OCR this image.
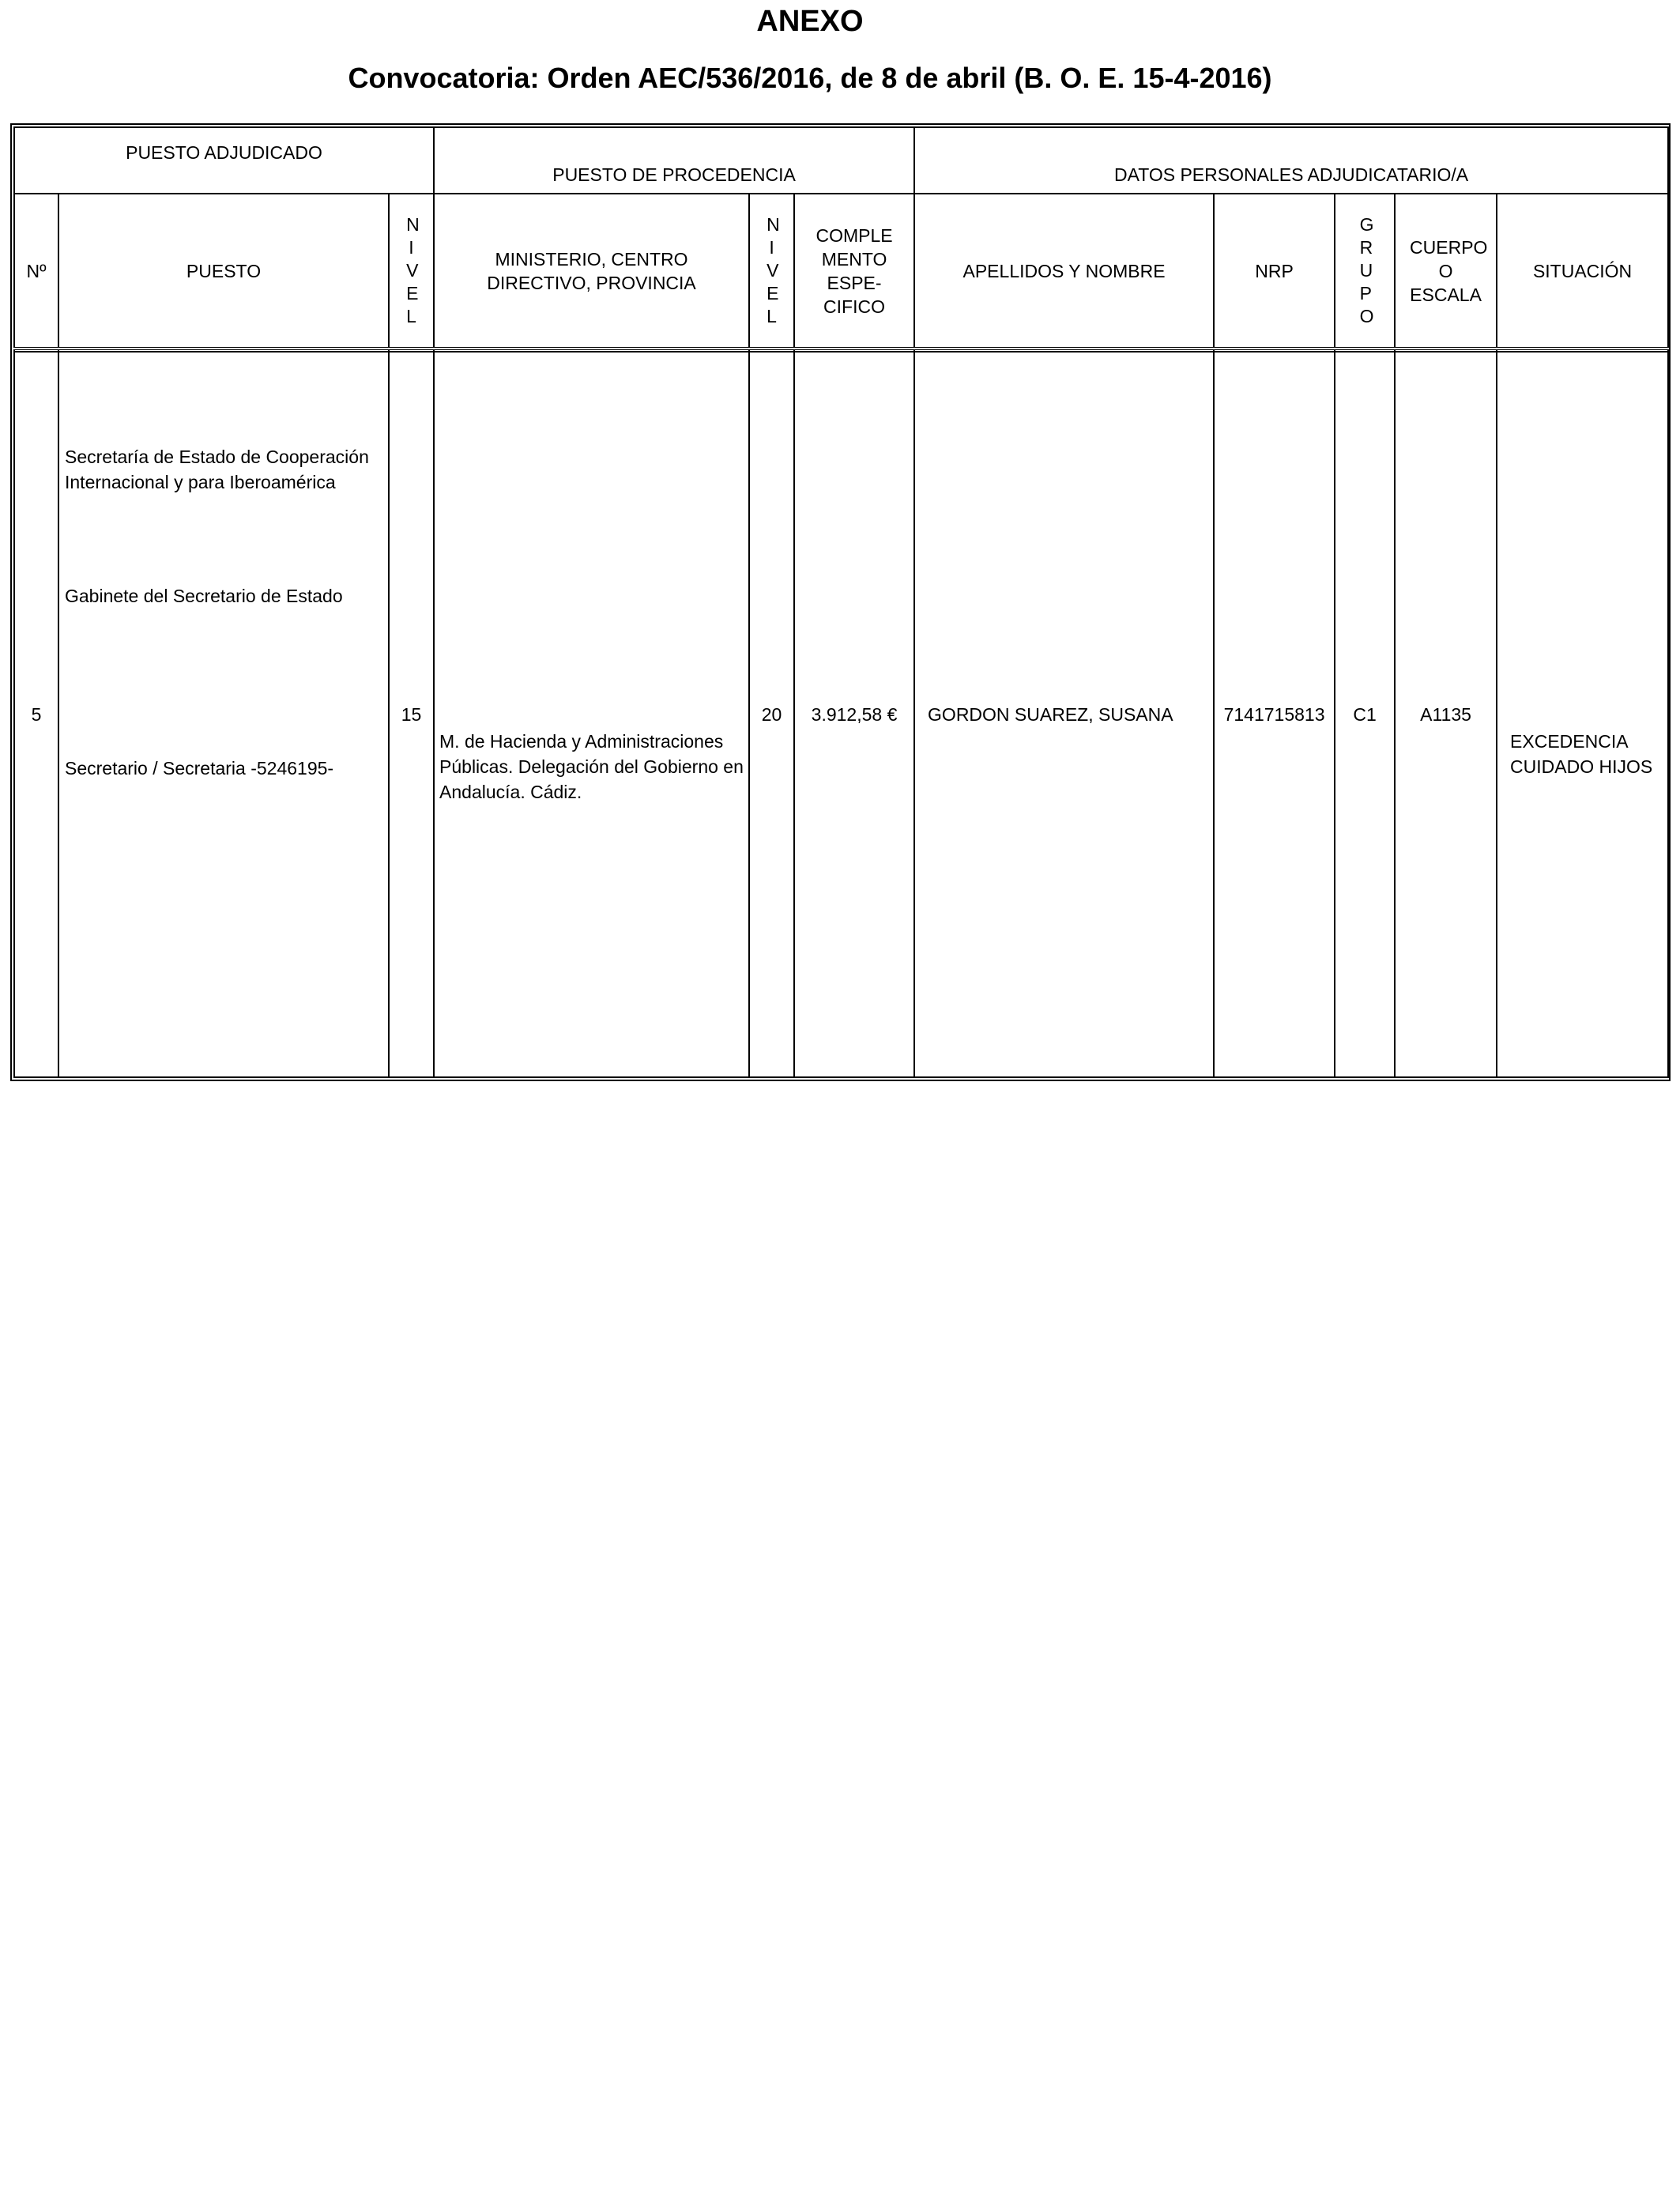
ANEXO
Convocatoria: Orden AEC/536/2016, de 8 de abril (B. O. E. 15-4-2016)
PUESTO ADJUDICADO			PUESTO DE PROCEDENCIA			DATOS PERSONALES ADJUDICATARIO/A				
Nº	PUESTO	NIVEL	MINISTERIO, CENTRO DIRECTIVO, PROVINCIA	NIVEL	COMPLE MENTO ESPE- CIFICO	APELLIDOS Y NOMBRE	NRP	GRUPO	CUERPO O ESCALA	SITUACIÓN

5	Secretaría de Estado de Cooperación Internacional y para Iberoamérica
Gabinete del Secretario de Estado
Secretario / Secretaria -5246195-	15	M. de Hacienda y Administraciones Públicas. Delegación del Gobierno en Andalucía. Cádiz.	20	3.912,58 €	GORDON SUAREZ, SUSANA	7141715813	C1	A1135	EXCEDENCIA CUIDADO HIJOS
